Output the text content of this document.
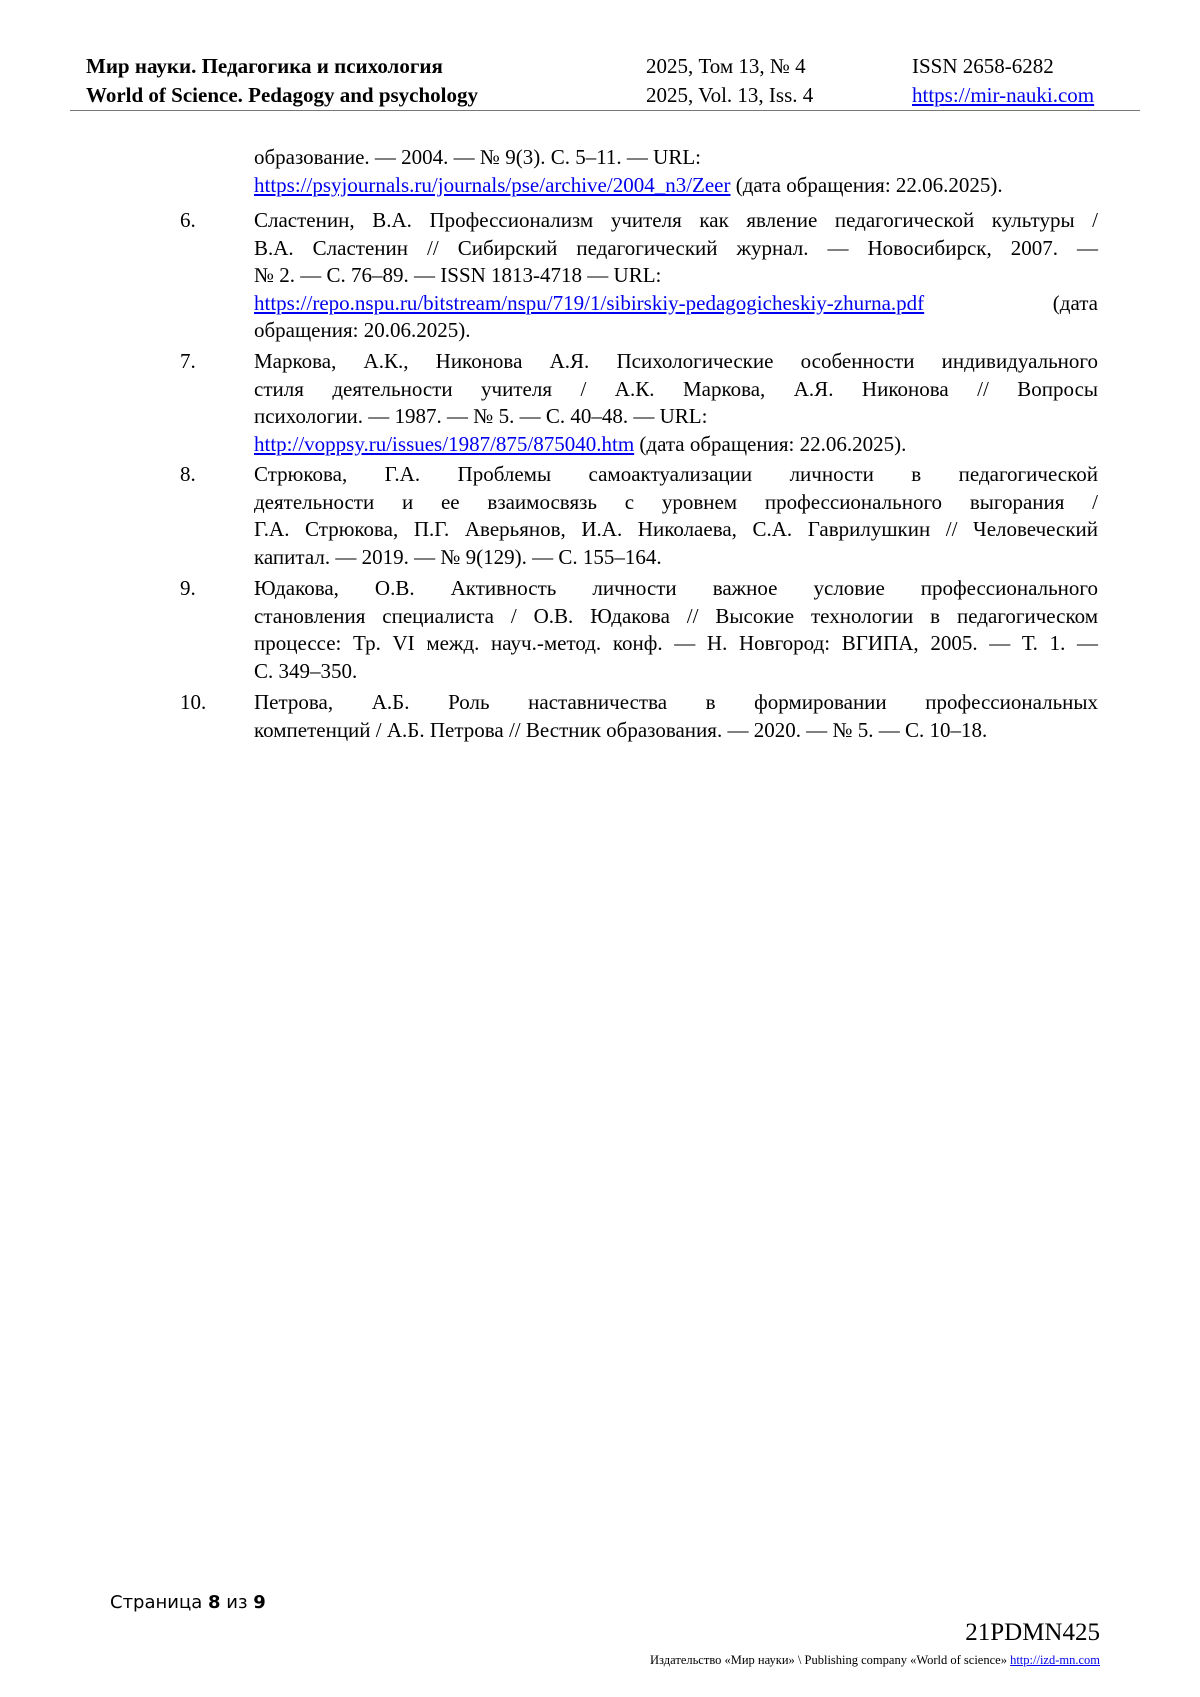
Мир науки. Педагогика и психология
World of Science. Pedagogy and psychology
2025, Том 13, № 4
2025, Vol. 13, Iss. 4
ISSN 2658-6282
https://mir-nauki.com
образование. — 2004. — № 9(3). С. 5–11. — URL:
https://psyjournals.ru/journals/pse/archive/2004_n3/Zeer (дата обращения: 22.06.2025).
6.	Сластенин, В.А. Профессионализм учителя как явление педагогической культуры /
В.А. Сластенин // Сибирский педагогический журнал. — Новосибирск, 2007. —
№ 2. — С. 76–89. — ISSN 1813-4718 — URL:
https://repo.nspu.ru/bitstream/nspu/719/1/sibirskiy-pedagogicheskiy-zhurna.pdf	(дата
обращения: 20.06.2025).
7.	Маркова, А.К., Никонова А.Я. Психологические особенности индивидуального
стиля деятельности учителя / А.К. Маркова, А.Я. Никонова // Вопросы
психологии. — 1987. — № 5. — С. 40–48. — URL:
http://voppsy.ru/issues/1987/875/875040.htm (дата обращения: 22.06.2025).
8.	Стрюкова, Г.А. Проблемы самоактуализации личности в педагогической
деятельности и ее взаимосвязь с уровнем профессионального выгорания /
Г.А. Стрюкова, П.Г. Аверьянов, И.А. Николаева, С.А. Гаврилушкин // Человеческий
капитал. — 2019. — № 9(129). — С. 155–164.
9.	Юдакова, О.В. Активность личности важное условие профессионального
становления специалиста / О.В. Юдакова // Высокие технологии в педагогическом
процессе: Тр. VI межд. науч.-метод. конф. — Н. Новгород: ВГИПА, 2005. — Т. 1. —
С. 349–350.
10. Петрова, А.Б. Роль наставничества в формировании профессиональных
компетенций / А.Б. Петрова // Вестник образования. — 2020. — № 5. — С. 10–18.
Страница 8 из 9
21PDMN425
Издательство «Мир науки» \ Publishing company «World of science» http://izd-mn.com
